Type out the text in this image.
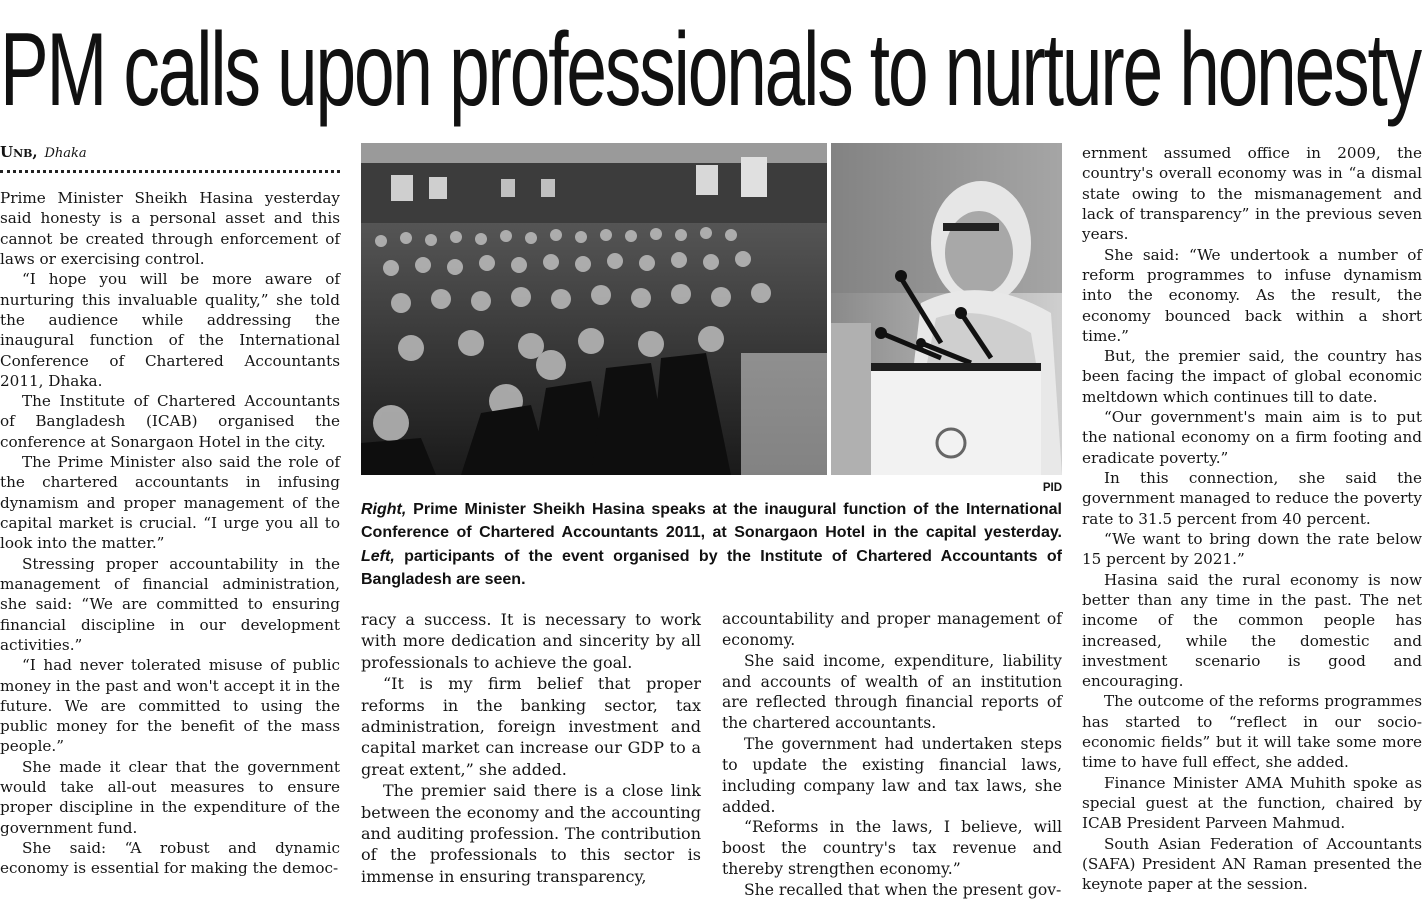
PM calls upon professionals to nurture honesty
Unb, Dhaka

Prime Minister Sheikh Hasina yesterday said honesty is a personal asset and this cannot be created through enforcement of laws or exercising control.

“I hope you will be more aware of nurturing this invaluable quality,” she told the audience while addressing the inaugural function of the International Conference of Chartered Accountants 2011, Dhaka.

The Institute of Chartered Accountants of Bangladesh (ICAB) organised the conference at Sonargaon Hotel in the city.

The Prime Minister also said the role of the chartered accountants in infusing dynamism and proper management of the capital market is crucial. “I urge you all to look into the matter.”

Stressing proper accountability in the management of financial administration, she said: “We are committed to ensuring financial discipline in our development activities.”

“I had never tolerated misuse of public money in the past and won't accept it in the future. We are committed to using the public money for the benefit of the mass people.”

She made it clear that the government would take all-out measures to ensure proper discipline in the expenditure of the government fund.

She said: “A robust and dynamic economy is essential for making the democ-

PID
Right, Prime Minister Sheikh Hasina speaks at the inaugural function of the International Conference of Chartered Accountants 2011, at Sonargaon Hotel in the capital yesterday. Left, participants of the event organised by the Institute of Chartered Accountants of Bangladesh are seen.

racy a success. It is necessary to work with more dedication and sincerity by all professionals to achieve the goal.

“It is my firm belief that proper reforms in the banking sector, tax administration, foreign investment and capital market can increase our GDP to a great extent,” she added.

The premier said there is a close link between the economy and the accounting and auditing profession. The contribution of the professionals to this sector is immense in ensuring transparency,

accountability and proper management of economy.

She said income, expenditure, liability and accounts of wealth of an institution are reflected through financial reports of the chartered accountants.

The government had undertaken steps to update the existing financial laws, including company law and tax laws, she added.

“Reforms in the laws, I believe, will boost the country's tax revenue and thereby strengthen economy.”

She recalled that when the present gov-

ernment assumed office in 2009, the country's overall economy was in “a dismal state owing to the mismanagement and lack of transparency” in the previous seven years.

She said: “We undertook a number of reform programmes to infuse dynamism into the economy. As the result, the economy bounced back within a short time.”

But, the premier said, the country has been facing the impact of global economic meltdown which continues till to date.

“Our government's main aim is to put the national economy on a firm footing and eradicate poverty.”

In this connection, she said the government managed to reduce the poverty rate to 31.5 percent from 40 percent.

“We want to bring down the rate below 15 percent by 2021.”

Hasina said the rural economy is now better than any time in the past. The net income of the common people has increased, while the domestic and investment scenario is good and encouraging.

The outcome of the reforms programmes has started to “reflect in our socio-economic fields” but it will take some more time to have full effect, she added.

Finance Minister AMA Muhith spoke as special guest at the function, chaired by ICAB President Parveen Mahmud.

South Asian Federation of Accountants (SAFA) President AN Raman presented the keynote paper at the session.
